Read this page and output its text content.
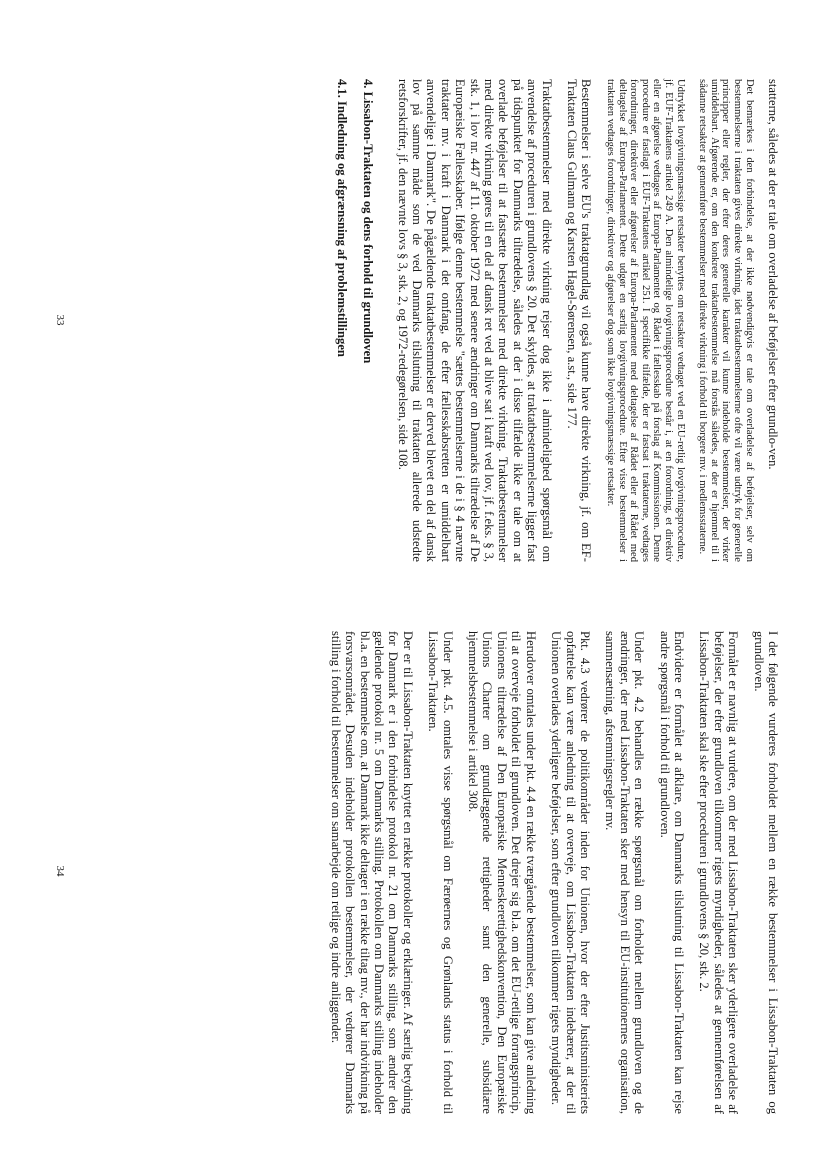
statterne, således at der er tale om overladelse af beføjelser efter grundlo-ven.

Det bemærkes i den forbindelse, at der ikke nødvendigvis er tale om overladelse af beføjelser, selv om bestemmelserne i traktaten gives direkte virkning, idet traktatbestemmelserne ofte vil være udtryk for generelle principper eller regler, der efter deres generelle karakter vil kunne indeholde bestemmelser, der virker umiddelbart. Afgørende er, om den konkrete traktatbestemmelse må forstås således, at der er hjemmel til i sådanne retsakter at gennemføre bestemmelser med direkte virkning i forhold til borgere mv. i medlemsstaterne.

Udtrykket lovgivningsmæssige retsakter benyttes om retsakter vedtaget ved en EU-retlig lovgivningsprocedure, jf. EUF-Traktatens artikel 249 A. Den almindelige lovgivningsprocedure består i, at en forordning, et direktiv eller en afgørelse vedtages af Europa-Parlamentet og Rådet i fællesskab på forslag af Kommissionen. Denne procedure er fastlagt i EUF-Traktatens artikel 251. I specifikke tilfælde, der er fastsat i traktaterne, vedtages forordninger, direktiver eller afgørelser af Europa-Parlamentet med deltagelse af Rådet eller af Rådet med deltagelse af Europa-Parlamentet. Dette udgør en særlig lovgivningsprocedure. Efter visse bestemmelser i traktaten vedtages forordninger, direktiver og afgørelser dog som ikke lovgivningsmæssige retsakter.

Bestemmelser i selve EU's traktatgrundlag vil også kunne have direkte virkning, jf. om EF-Traktaten Claus Gulmann og Karsten Hagel-Sørensen, a.st., side 177.

Traktatbestemmelser med direkte virkning rejser dog ikke i almindelighed spørgsmål om anvendelse af proceduren i grundlovens § 20. Det skyldes, at traktatbestemmelserne ligger fast på tidspunktet for Danmarks tiltrædelse, således at der i disse tilfælde ikke er tale om at overlade beføjelser til at fastsætte bestemmelser med direkte virkning. Traktatbestemmelser med direkte virkning gøres til en del af dansk ret ved at blive sat i kraft ved lov, jf. f.eks. § 3, stk. 1, i lov nr. 447 af 11. oktober 1972 med senere ændringer om Danmarks tiltrædelse af De Europæiske Fællesskaber. Ifølge denne bestemmelse "sættes bestemmelserne i de i § 4 nævnte traktater mv. i kraft i Danmark i det omfang, de efter fællesskabsretten er umiddelbart anvendelige i Danmark". De pågældende traktatbestemmelser er derved blevet en del af dansk lov på samme måde som de ved Danmarks tilslutning til traktaten allerede udstedte retsforskrifter, jf. den nævnte lovs § 3, stk. 2, og 1972-redegørelsen, side 108.

4. Lissabon-Traktaten og dens forhold til grundloven
4.1. Indledning og afgrænsning af problemstillingen
33

I det følgende vurderes forholdet mellem en række bestemmelser i Lissabon-Traktaten og grundloven.

Formålet er navnlig at vurdere, om der med Lissabon-Traktaten sker yderligere overladelse af beføjelser, der efter grundloven tilkommer rigets myndigheder, således at gennemførelsen af Lissabon-Traktaten skal ske efter proceduren i grundlovens § 20, stk. 2.

Endvidere er formålet at afklare, om Danmarks tilslutning til Lissabon-Traktaten kan rejse andre spørgsmål i forhold til grundloven.

Under pkt. 4.2 behandles en række spørgsmål om forholdet mellem grundloven og de ændringer, der med Lissabon-Traktaten sker med hensyn til EU-institutionernes organisation, sammensætning, afstemningsregler mv.

Pkt. 4.3 vedrører de politikområder inden for Unionen, hvor der efter Justitsministeriets opfattelse kan være anledning til at overveje, om Lissabon-Traktaten indebærer, at der til Unionen overlades yderligere beføjelser, som efter grundloven tilkommer rigets myndigheder.

Herudover omtales under pkt. 4.4 en række tværgående bestemmelser, som kan give anledning til at overveje forholdet til grundloven. Det drejer sig bl.a. om det EU-retlige forrangsprincip, Unionens tiltrædelse af Den Europæiske Menneskerettighedskonvention, Den Europæiske Unions Charter om grundlæggende rettigheder samt den generelle, subsidiære hjemmelsbestemmelse i artikel 308.

Under pkt. 4.5. omtales visse spørgsmål om Færøernes og Grønlands status i forhold til Lissabon-Traktaten.

Der er til Lissabon-Traktaten knyttet en række protokoller og erklæringer. Af særlig betydning for Danmark er i den forbindelse protokol nr. 21 om Danmarks stilling, som ændrer den gældende protokol nr. 5 om Danmarks stilling. Protokollen om Danmarks stilling indeholder bl.a. en bestemmelse om, at Danmark ikke deltager i en række tiltag mv., der har indvirkning på forsvarsområdet. Desuden indeholder protokollen bestemmelser, der vedrører Danmarks stilling i forhold til bestemmelser om samarbejde om retlige og indre anliggender.

34
